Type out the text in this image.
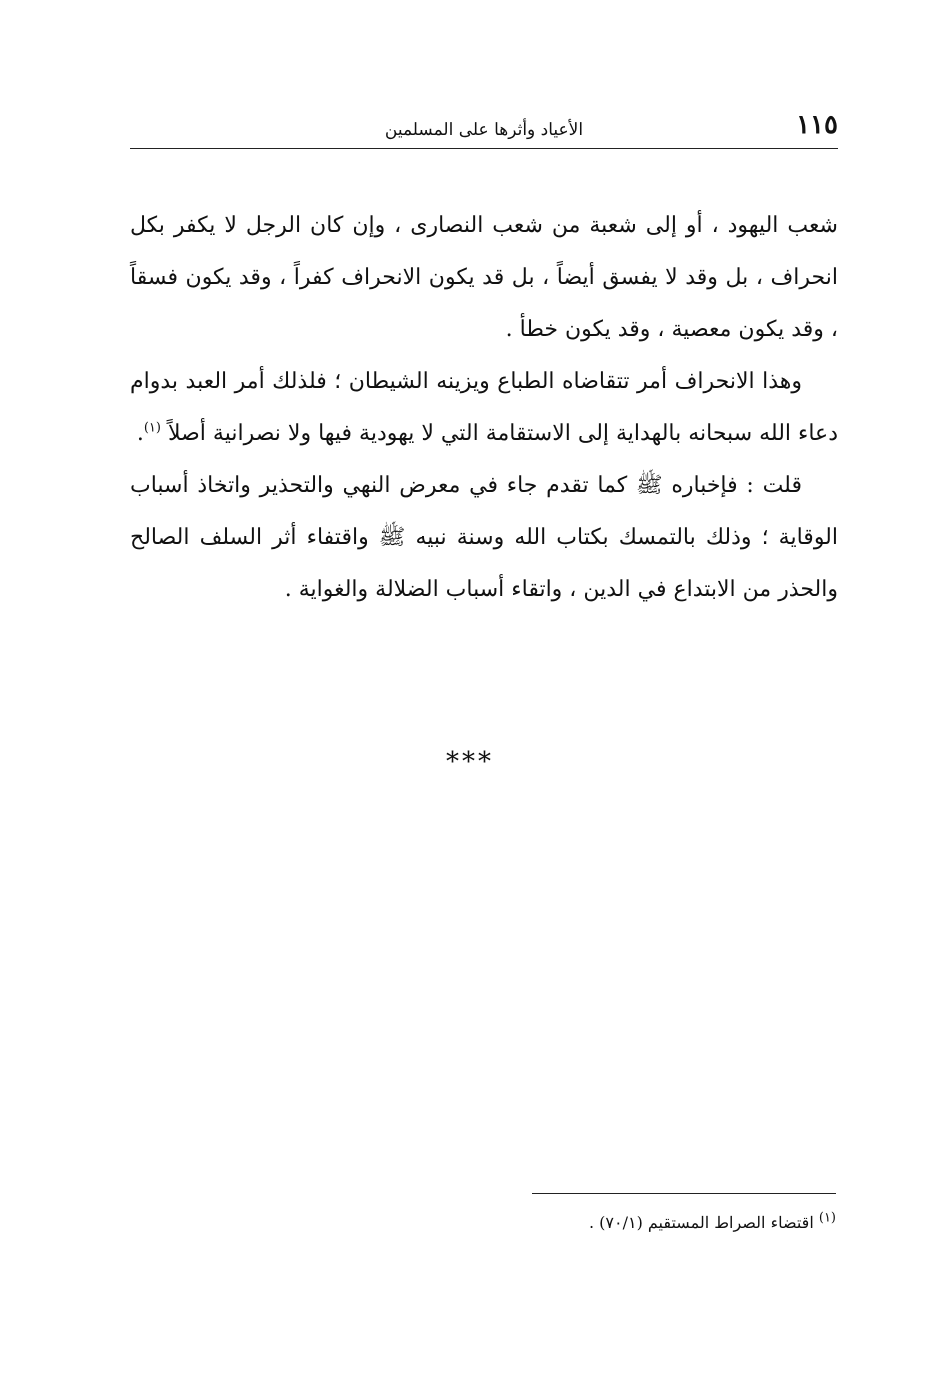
١١٥
الأعياد وأثرها على المسلمين

شعب اليهود ، أو إلى شعبة من شعب النصارى ، وإن كان الرجل لا يكفر بكل انحراف ، بل وقد لا يفسق أيضاً ، بل قد يكون الانحراف كفراً ، وقد يكون فسقاً ، وقد يكون معصية ، وقد يكون خطأ .

وهذا الانحراف أمر تتقاضاه الطباع ويزينه الشيطان ؛ فلذلك أمر العبد بدوام دعاء الله سبحانه بالهداية إلى الاستقامة التي لا يهودية فيها ولا نصرانية أصلاً $^{(١)}$.

قلت : فإخباره ﷺ كما تقدم جاء في معرض النهي والتحذير واتخاذ أسباب الوقاية ؛ وذلك بالتمسك بكتاب الله وسنة نبيه ﷺ واقتفاء أثر السلف الصالح والحذر من الابتداع في الدين ، واتقاء أسباب الضلالة والغواية .

***
$^{(١)}$ اقتضاء الصراط المستقيم (٧٠/١) .
